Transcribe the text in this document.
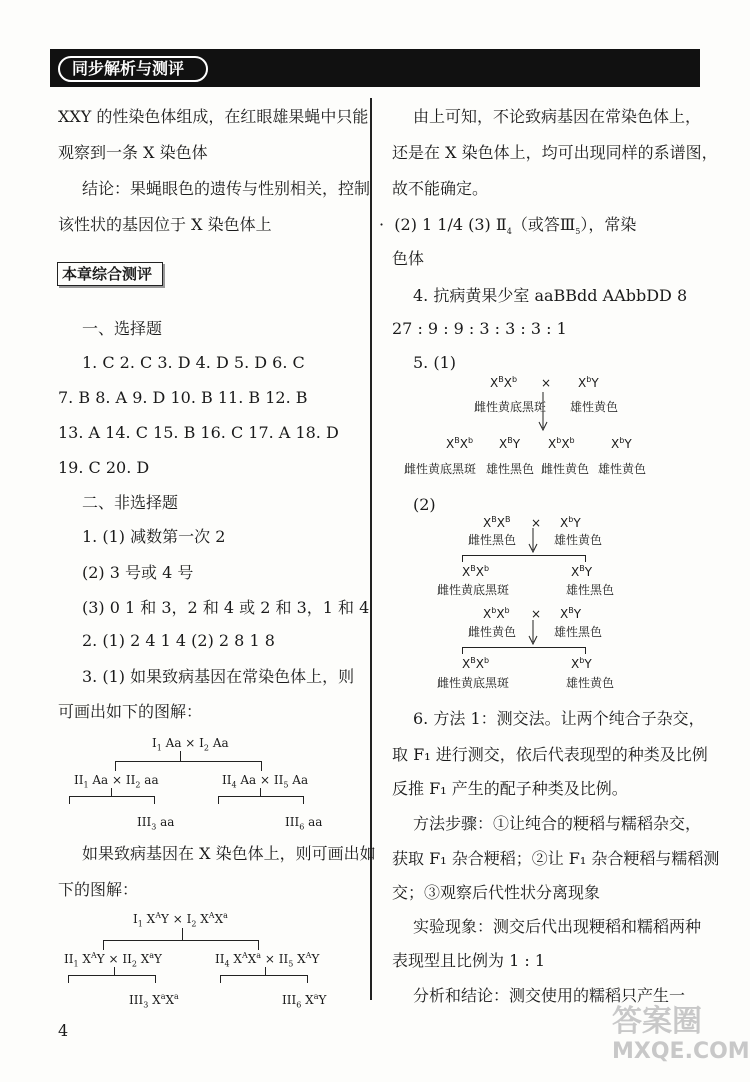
同步解析与测评
XXY 的性染色体组成，在红眼雄果蝇中只能
观察到一条 X 染色体
结论：果蝇眼色的遗传与性别相关，控制
该性状的基因位于 X 染色体上
本章综合测评
一、选择题
1. C 2. C 3. D 4. D 5. D 6. C
7. B 8. A 9. D 10. B 11. B 12. B
13. A 14. C 15. B 16. C 17. A 18. D
19. C 20. D
二、非选择题
1. (1) 减数第一次 2
(2) 3 号或 4 号
(3) 0 1 和 3，2 和 4 或 2 和 3，1 和 4
2. (1) 2 4 1 4 (2) 2 8 1 8
3. (1) 如果致病基因在常染色体上，则
可画出如下的图解：
$I_1$ $Aa \times I_2$ Aa
$II_1$ $Aa \times II_2$ aa	$II_4$ $Aa \times II_5$ Aa
$III_3$ aa	$III_6$ aa
如果致病基因在 X 染色体上，则可画出如
下的图解：
$I_1$ $X^AY \times I_2$ $X^AX^a$
$II_1$ $X^AY \times II_2$ $X^aY$	$II_4$ $X^AX^a \times II_5$ $X^AY$
$III_3$ $X^aX^a$	$III_6$ $X^aY$
4
由上可知，不论致病基因在常染色体上，
还是在 X 染色体上，均可出现同样的系谱图，
故不能确定。
·  (2) 1 1/4 (3) $Ⅱ_4$（或答$Ⅲ_5$），常染
色体
4. 抗病黄果少室 aaBBdd AAbbDD 8
27 : 9 : 9 : 3 : 3 : 3 : 1
5. (1)
$X^BX^b \times X^bY$
雌性黄底黑斑 雄性黄色
$X^BX^b$ $X^BY$ $X^bX^b$	$X^bY$
雌性黄底黑斑 雄性黑色 雌性黄色 雄性黄色
(2)
$X^BX^B \times X^bY$
雌性黑色	雄性黄色
$X^BX^b$	$X^BY$
雌性黄底黑斑	雄性黑色
$X^bX^b \times X^BY$
雌性黄色	雄性黑色
$X^BX^b$	$X^bY$
雌性黄底黑斑	雄性黄色
6. 方法 1：测交法。让两个纯合子杂交，
取 F₁ 进行测交，依后代表现型的种类及比例
反推 F₁ 产生的配子种类及比例。
方法步骤：①让纯合的粳稻与糯稻杂交，
获取 F₁ 杂合粳稻；②让 F₁ 杂合粳稻与糯稻测
交；③观察后代性状分离现象
实验现象：测交后代出现粳稻和糯稻两种
表现型且比例为 1 : 1
分析和结论：测交使用的糯稻只产生一
答案圈
MXQE.COM
